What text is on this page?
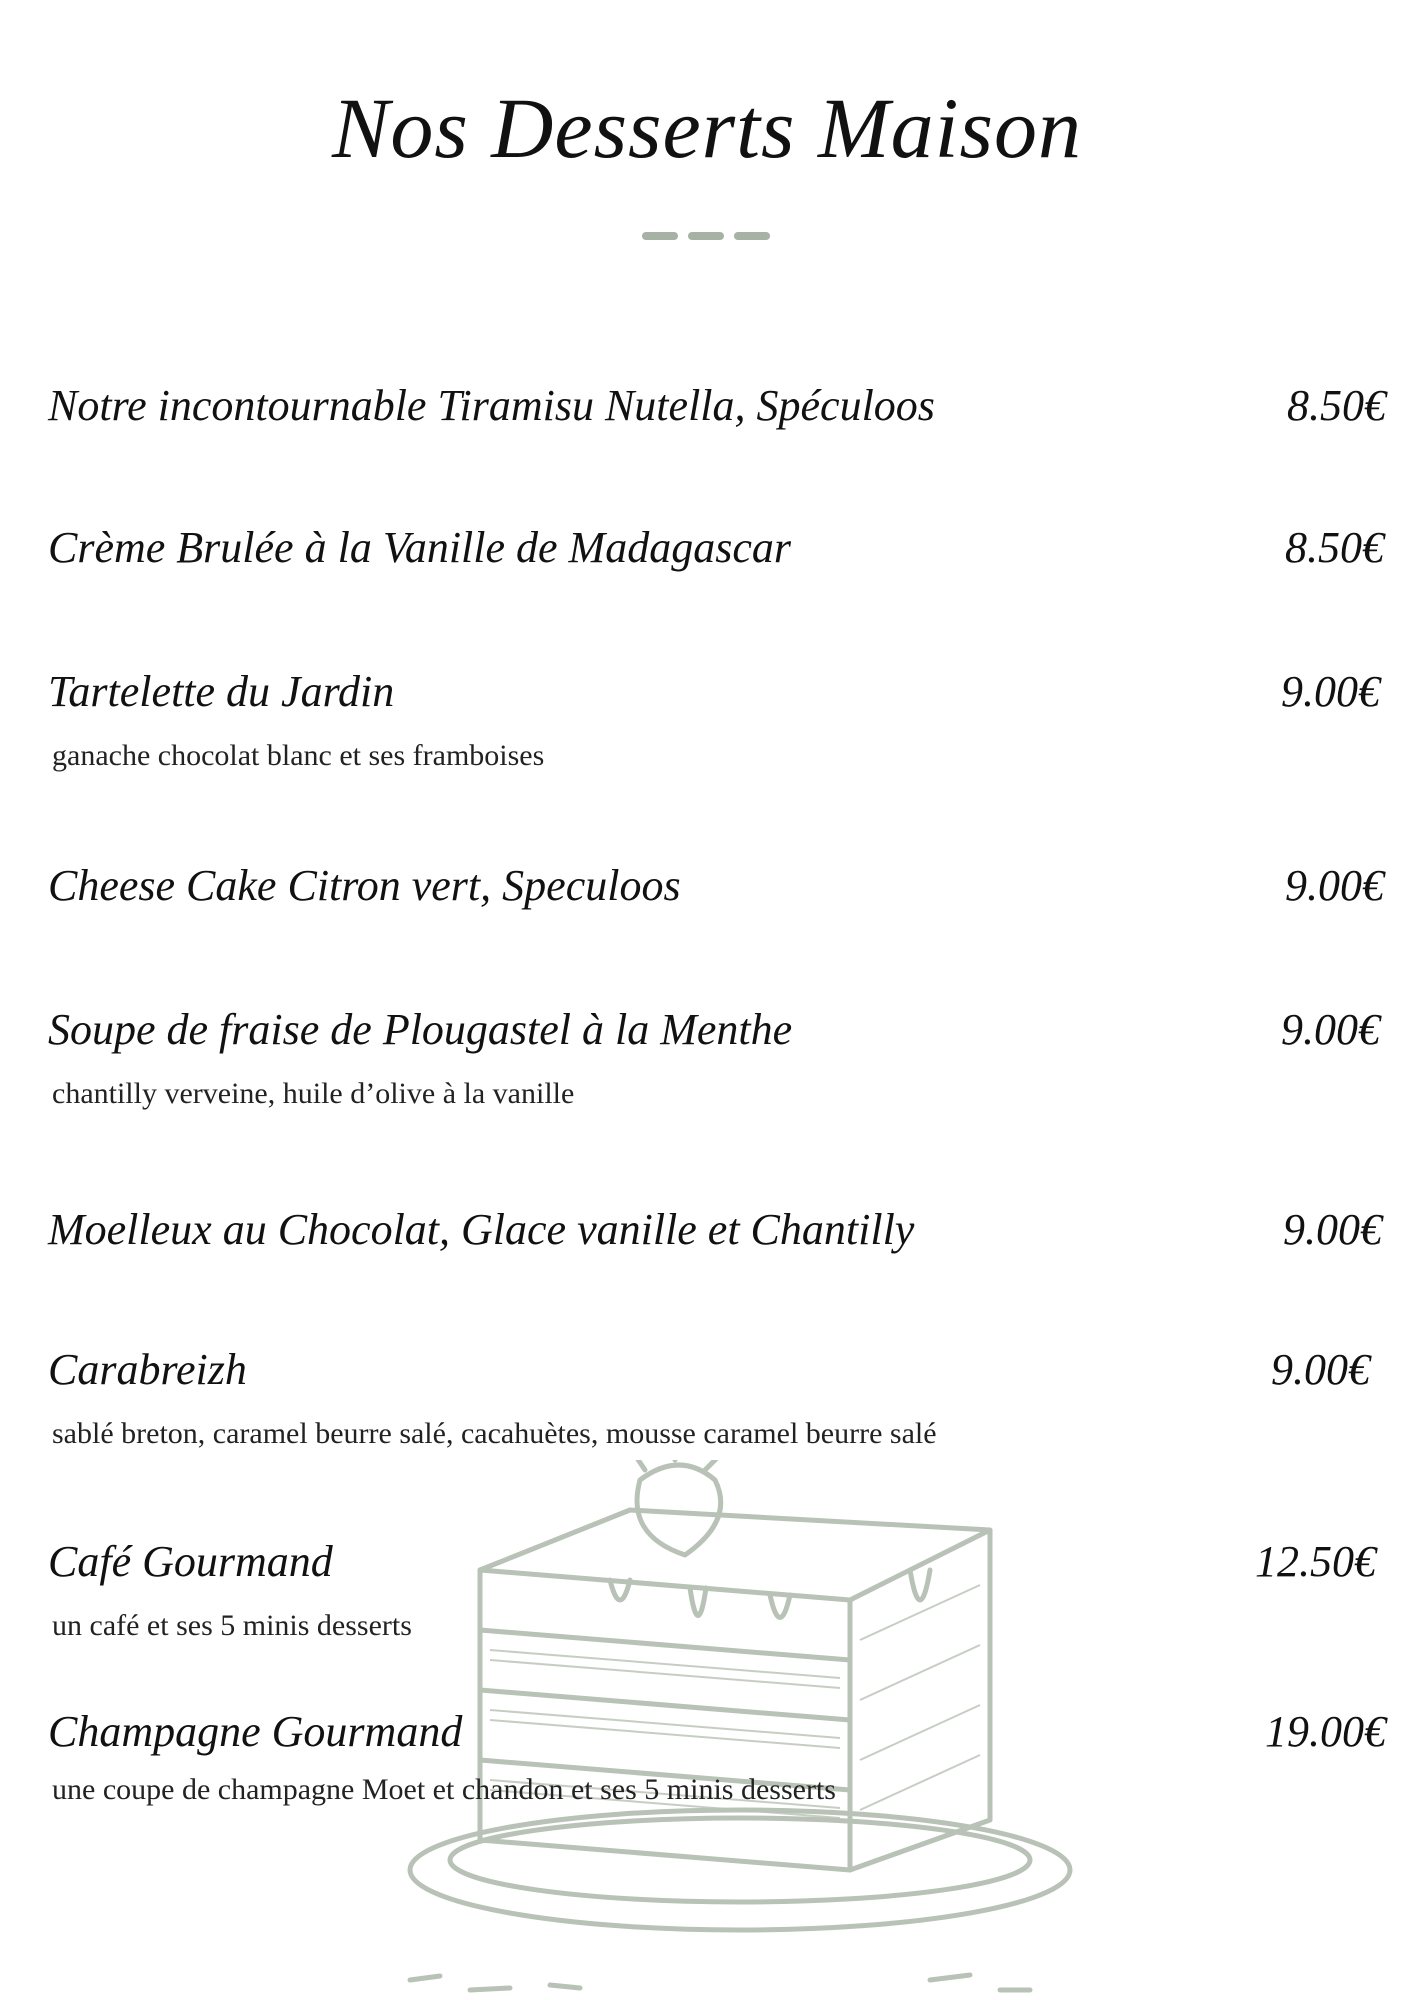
Nos Desserts Maison
Notre incontournable Tiramisu Nutella, Spéculoos	8.50€
Crème Brulée à la Vanille de Madagascar	8.50€
Tartelette du Jardin	9.00€
ganache chocolat blanc et ses framboises
Cheese Cake Citron vert, Speculoos	9.00€
Soupe de fraise de Plougastel à la Menthe	9.00€
chantilly verveine, huile d’olive à la vanille
Moelleux au Chocolat, Glace vanille et Chantilly	9.00€
Carabreizh	9.00€
sablé breton, caramel beurre salé, cacahuètes, mousse caramel beurre salé
Café Gourmand	12.50€
un café et ses 5 minis desserts
Champagne Gourmand	19.00€
une coupe de champagne Moet et chandon et ses 5 minis desserts
